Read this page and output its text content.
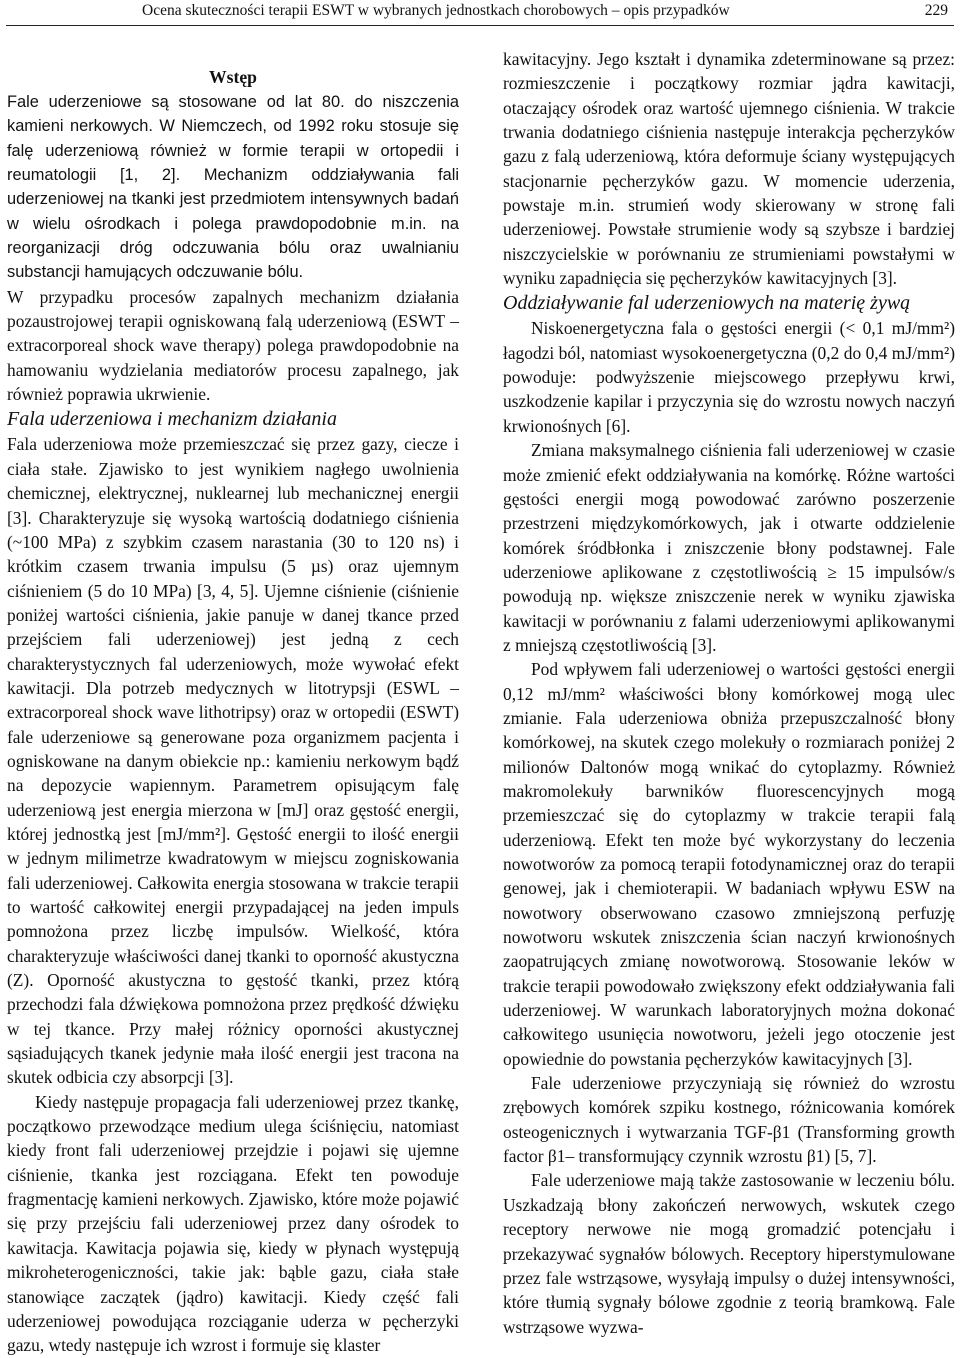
Ocena skuteczności terapii ESWT w wybranych jednostkach chorobowych – opis przypadków	229
Wstęp

Fale uderzeniowe są stosowane od lat 80. do niszczenia kamieni nerkowych. W Niemczech, od 1992 roku stosuje się falę uderzeniową również w formie terapii w ortopedii i reumatologii [1, 2]. Mechanizm oddziaływania fali uderzeniowej na tkanki jest przedmiotem intensywnych badań w wielu ośrodkach i polega prawdopodobnie m.in. na reorganizacji dróg odczuwania bólu oraz uwalnianiu substancji hamujących odczuwanie bólu.

W przypadku procesów zapalnych mechanizm działania pozaustrojowej terapii ogniskowaną falą uderzeniową (ESWT – extracorporeal shock wave therapy) polega prawdopodobnie na hamowaniu wydzielania mediatorów procesu zapalnego, jak również poprawia ukrwienie.

Fala uderzeniowa i mechanizm działania

Fala uderzeniowa może przemieszczać się przez gazy, ciecze i ciała stałe. Zjawisko to jest wynikiem nagłego uwolnienia chemicznej, elektrycznej, nuklearnej lub mechanicznej energii [3]. Charakteryzuje się wysoką wartością dodatniego ciśnienia (~100 MPa) z szybkim czasem narastania (30 to 120 ns) i krótkim czasem trwania impulsu (5 µs) oraz ujemnym ciśnieniem (5 do 10 MPa) [3, 4, 5]. Ujemne ciśnienie (ciśnienie poniżej wartości ciśnienia, jakie panuje w danej tkance przed przejściem fali uderzeniowej) jest jedną z cech charakterystycznych fal uderzeniowych, może wywołać efekt kawitacji. Dla potrzeb medycznych w litotrypsji (ESWL – extracorporeal shock wave lithotripsy) oraz w ortopedii (ESWT) fale uderzeniowe są generowane poza organizmem pacjenta i ogniskowane na danym obiekcie np.: kamieniu nerkowym bądź na depozycie wapiennym. Parametrem opisującym falę uderzeniową jest energia mierzona w [mJ] oraz gęstość energii, której jednostką jest [mJ/mm²]. Gęstość energii to ilość energii w jednym milimetrze kwadratowym w miejscu zogniskowania fali uderzeniowej. Całkowita energia stosowana w trakcie terapii to wartość całkowitej energii przypadającej na jeden impuls pomnożona przez liczbę impulsów. Wielkość, która charakteryzuje właściwości danej tkanki to oporność akustyczna (Z). Oporność akustyczna to gęstość tkanki, przez którą przechodzi fala dźwiękowa pomnożona przez prędkość dźwięku w tej tkance. Przy małej różnicy oporności akustycznej sąsiadujących tkanek jedynie mała ilość energii jest tracona na skutek odbicia czy absorpcji [3].

Kiedy następuje propagacja fali uderzeniowej przez tkankę, początkowo przewodzące medium ulega ściśnięciu, natomiast kiedy front fali uderzeniowej przejdzie i pojawi się ujemne ciśnienie, tkanka jest rozciągana. Efekt ten powoduje fragmentację kamieni nerkowych. Zjawisko, które może pojawić się przy przejściu fali uderzeniowej przez dany ośrodek to kawitacja. Kawitacja pojawia się, kiedy w płynach występują mikroheterogeniczności, takie jak: bąble gazu, ciała stałe stanowiące zaczątek (jądro) kawitacji. Kiedy część fali uderzeniowej powodująca rozciąganie uderza w pęcherzyki gazu, wtedy następuje ich wzrost i formuje się klaster

kawitacyjny. Jego kształt i dynamika zdeterminowane są przez: rozmieszczenie i początkowy rozmiar jądra kawitacji, otaczający ośrodek oraz wartość ujemnego ciśnienia. W trakcie trwania dodatniego ciśnienia następuje interakcja pęcherzyków gazu z falą uderzeniową, która deformuje ściany występujących stacjonarnie pęcherzyków gazu. W momencie uderzenia, powstaje m.in. strumień wody skierowany w stronę fali uderzeniowej. Powstałe strumienie wody są szybsze i bardziej niszczycielskie w porównaniu ze strumieniami powstałymi w wyniku zapadnięcia się pęcherzyków kawitacyjnych [3].

Oddziaływanie fal uderzeniowych na materię żywą

Niskoenergetyczna fala o gęstości energii (< 0,1 mJ/mm²) łagodzi ból, natomiast wysokoenergetyczna (0,2 do 0,4 mJ/mm²) powoduje: podwyższenie miejscowego przepływu krwi, uszkodzenie kapilar i przyczynia się do wzrostu nowych naczyń krwionośnych [6].

Zmiana maksymalnego ciśnienia fali uderzeniowej w czasie może zmienić efekt oddziaływania na komórkę. Różne wartości gęstości energii mogą powodować zarówno poszerzenie przestrzeni międzykomórkowych, jak i otwarte oddzielenie komórek śródbłonka i zniszczenie błony podstawnej. Fale uderzeniowe aplikowane z częstotliwością ≥ 15 impulsów/s powodują np. większe zniszczenie nerek w wyniku zjawiska kawitacji w porównaniu z falami uderzeniowymi aplikowanymi z mniejszą częstotliwością [3].

Pod wpływem fali uderzeniowej o wartości gęstości energii 0,12 mJ/mm² właściwości błony komórkowej mogą ulec zmianie. Fala uderzeniowa obniża przepuszczalność błony komórkowej, na skutek czego molekuły o rozmiarach poniżej 2 milionów Daltonów mogą wnikać do cytoplazmy. Również makromolekuły barwników fluorescencyjnych mogą przemieszczać się do cytoplazmy w trakcie terapii falą uderzeniową. Efekt ten może być wykorzystany do leczenia nowotworów za pomocą terapii fotodynamicznej oraz do terapii genowej, jak i chemioterapii. W badaniach wpływu ESW na nowotwory obserwowano czasowo zmniejszoną perfuzję nowotworu wskutek zniszczenia ścian naczyń krwionośnych zaopatrujących zmianę nowotworową. Stosowanie leków w trakcie terapii powodowało zwiększony efekt oddziaływania fali uderzeniowej. W warunkach laboratoryjnych można dokonać całkowitego usunięcia nowotworu, jeżeli jego otoczenie jest opowiednie do powstania pęcherzyków kawitacyjnych [3].

Fale uderzeniowe przyczyniają się również do wzrostu zrębowych komórek szpiku kostnego, różnicowania komórek osteogenicznych i wytwarzania TGF-β1 (Transforming growth factor β1– transformujący czynnik wzrostu β1) [5, 7].

Fale uderzeniowe mają także zastosowanie w leczeniu bólu. Uszkadzają błony zakończeń nerwowych, wskutek czego receptory nerwowe nie mogą gromadzić potencjału i przekazywać sygnałów bólowych. Receptory hiperstymulowane przez fale wstrząsowe, wysyłają impulsy o dużej intensywności, które tłumią sygnały bólowe zgodnie z teorią bramkową. Fale wstrząsowe wyzwa-
